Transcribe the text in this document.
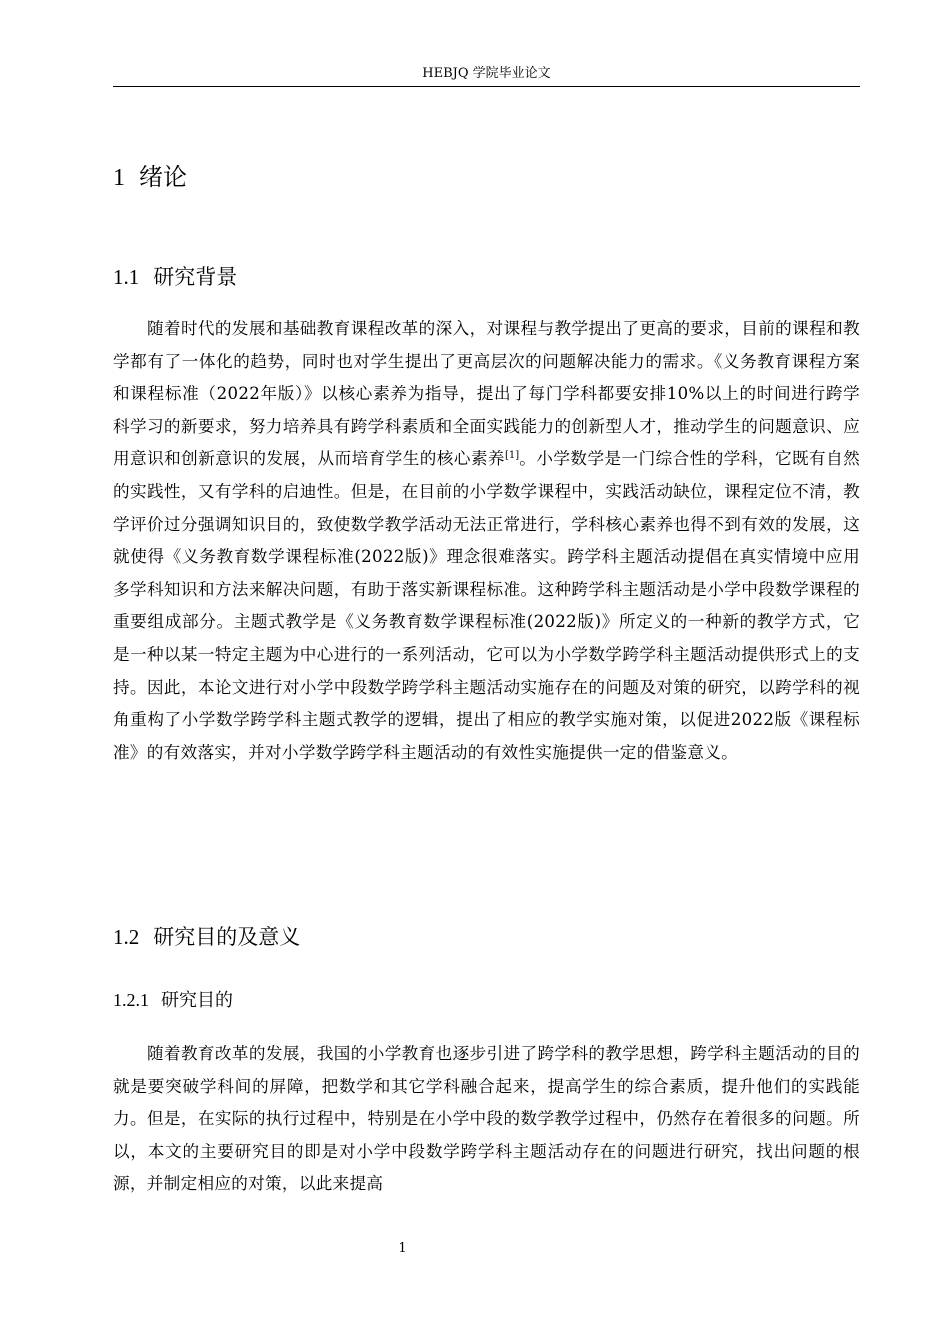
HEBJQ 学院毕业论文
1 绪论
1.1 研究背景

随着时代的发展和基础教育课程改革的深入，对课程与教学提出了更高的要求，目前的课程和教学都有了一体化的趋势，同时也对学生提出了更高层次的问题解决能力的需求。《义务教育课程方案和课程标准（2022年版）》以核心素养为指导，提出了每门学科都要安排10%以上的时间进行跨学科学习的新要求，努力培养具有跨学科素质和全面实践能力的创新型人才，推动学生的问题意识、应用意识和创新意识的发展，从而培育学生的核心素养[1]。小学数学是一门综合性的学科，它既有自然的实践性，又有学科的启迪性。但是，在目前的小学数学课程中，实践活动缺位，课程定位不清，教学评价过分强调知识目的，致使数学教学活动无法正常进行，学科核心素养也得不到有效的发展，这就使得《义务教育数学课程标准(2022版)》理念很难落实。跨学科主题活动提倡在真实情境中应用多学科知识和方法来解决问题，有助于落实新课程标准。这种跨学科主题活动是小学中段数学课程的重要组成部分。主题式教学是《义务教育数学课程标准(2022版)》所定义的一种新的教学方式，它是一种以某一特定主题为中心进行的一系列活动，它可以为小学数学跨学科主题活动提供形式上的支持。因此，本论文进行对小学中段数学跨学科主题活动实施存在的问题及对策的研究，以跨学科的视角重构了小学数学跨学科主题式教学的逻辑，提出了相应的教学实施对策，以促进2022版《课程标准》的有效落实，并对小学数学跨学科主题活动的有效性实施提供一定的借鉴意义。

1.2 研究目的及意义
1.2.1 研究目的

随着教育改革的发展，我国的小学教育也逐步引进了跨学科的教学思想，跨学科主题活动的目的就是要突破学科间的屏障，把数学和其它学科融合起来，提高学生的综合素质，提升他们的实践能力。但是，在实际的执行过程中，特别是在小学中段的数学教学过程中，仍然存在着很多的问题。所以，本文的主要研究目的即是对小学中段数学跨学科主题活动存在的问题进行研究，找出问题的根源，并制定相应的对策，以此来提高

1
